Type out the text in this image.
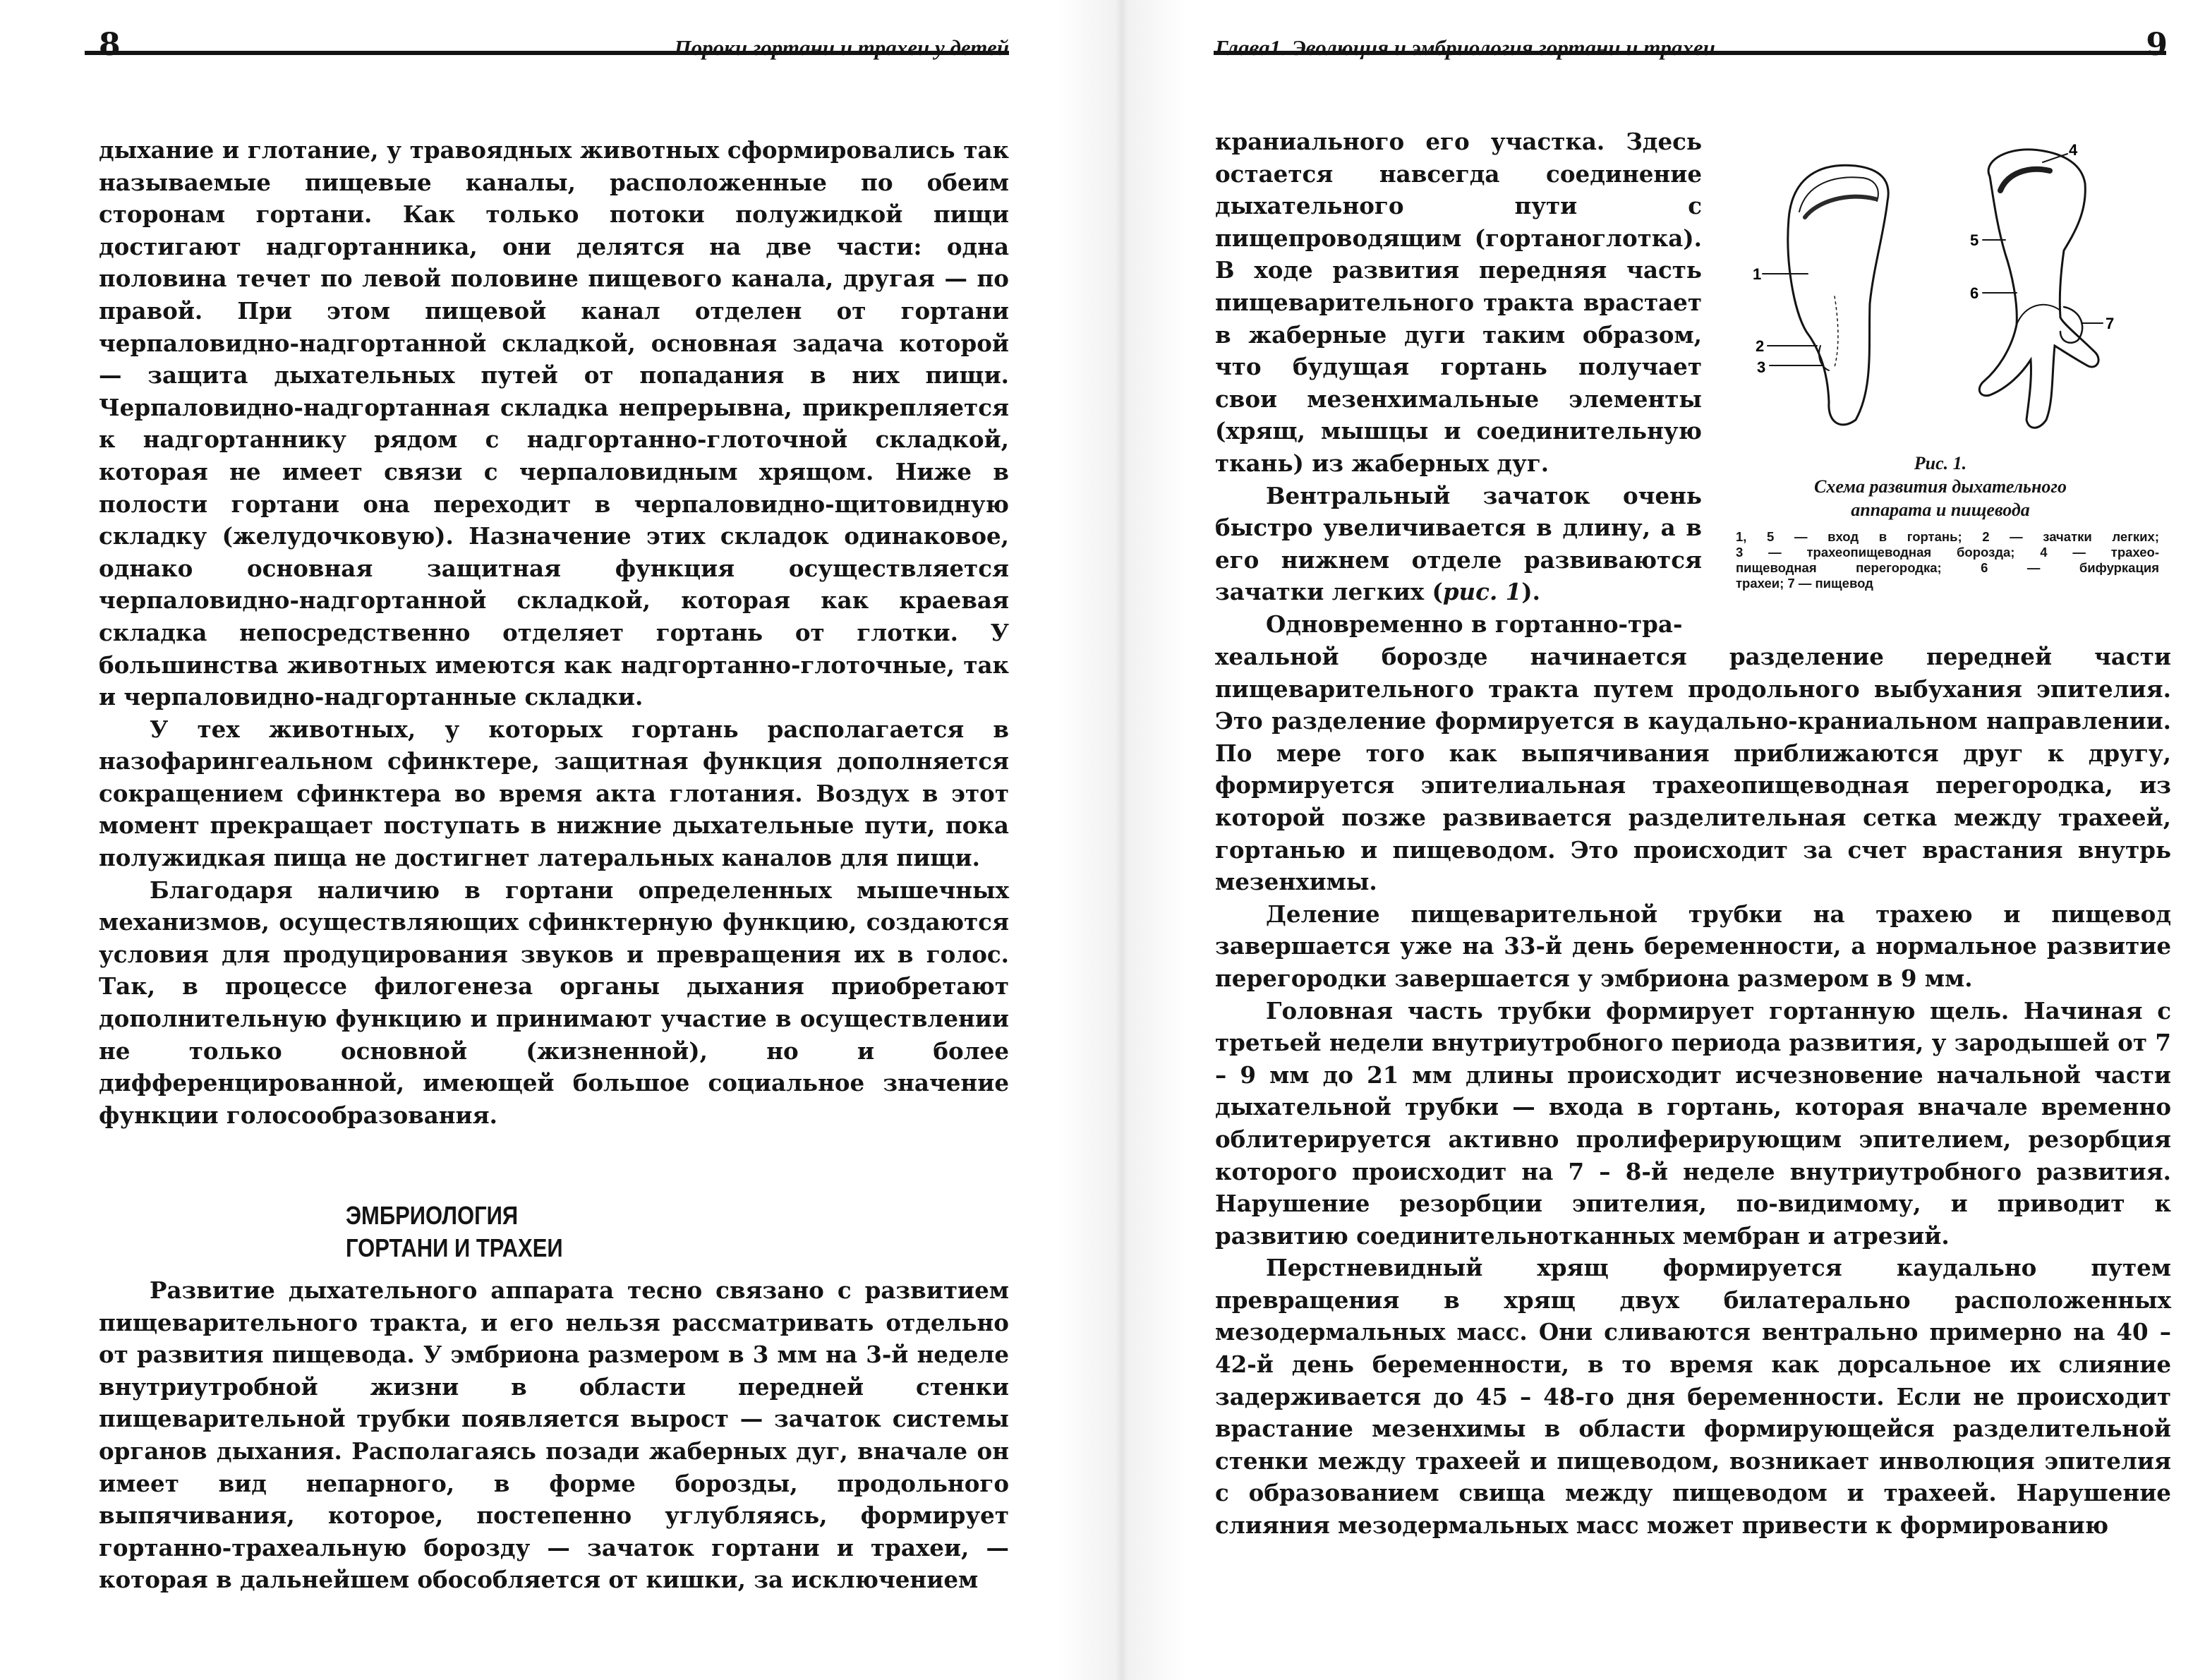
8	Пороки гортани и трахеи у детей

дыхание и глотание, у травоядных животных сформировались так называемые пищевые каналы, расположенные по обеим сторонам гортани. Как только потоки полужидкой пищи достигают надгортанника, они делятся на две части: одна половина течет по левой половине пищевого канала, другая — по правой. При этом пищевой канал отделен от гортани черпаловидно-надгортанной складкой, основная задача которой — защита дыхательных путей от попадания в них пищи. Черпаловидно-надгортанная складка непрерывна, прикрепляется к надгортаннику рядом с надгортанно-глоточной складкой, которая не имеет связи с черпаловидным хрящом. Ниже в полости гортани она переходит в черпаловидно-щитовидную складку (желудочковую). Назначение этих складок одинаковое, однако основная защитная функция осуществляется черпаловидно-надгортанной складкой, которая как краевая складка непосредственно отделяет гортань от глотки. У большинства животных имеются как надгортанно-глоточные, так и черпаловидно-надгортанные складки.

У тех животных, у которых гортань располагается в назофарингеальном сфинктере, защитная функция дополняется сокращением сфинктера во время акта глотания. Воздух в этот момент прекращает поступать в нижние дыхательные пути, пока полужидкая пища не достигнет латеральных каналов для пищи.

Благодаря наличию в гортани определенных мышечных механизмов, осуществляющих сфинктерную функцию, создаются условия для продуцирования звуков и превращения их в голос. Так, в процессе филогенеза органы дыхания приобретают дополнительную функцию и принимают участие в осуществлении не только основной (жизненной), но и более дифференцированной, имеющей большое социальное значение функции голосообразования.

ЭМБРИОЛОГИЯ
ГОРТАНИ И ТРАХЕИ

Развитие дыхательного аппарата тесно связано с развитием пищеварительного тракта, и его нельзя рассматривать отдельно от развития пищевода. У эмбриона размером в 3 мм на 3-й неделе внутриутробной жизни в области передней стенки пищеварительной трубки появляется вырост — зачаток системы органов дыхания. Располагаясь позади жаберных дуг, вначале он имеет вид непарного, в форме борозды, продольного выпячивания, которое, постепенно углубляясь, формирует гортанно-трахеальную борозду — зачаток гортани и трахеи, — которая в дальнейшем обособляется от кишки, за исключением

Глава1. Эволюция и эмбриология гортани и трахеи	9

краниального его участка. Здесь остается навсегда соединение дыхательного пути с пищепроводящим (гортаноглотка). В ходе развития передняя часть пищеварительного тракта врастает в жаберные дуги таким образом, что будущая гортань получает свои мезенхимальные элементы (хрящ, мышцы и соединительную ткань) из жаберных дуг.

Вентральный зачаток очень быстро увеличивается в длину, а в его нижнем отделе развиваются зачатки легких (рис. 1).

Одновременно в гортанно-тра-

1
2
3
4
5
6
7
Рис. 1.
Схема развития дыхательного
аппарата и пищевода
1, 5 — вход в гортань; 2 — зачатки легких;
3 — трахеопищеводная борозда; 4 — трахео-
пищеводная перегородка; 6 — бифуркация
трахеи; 7 — пищевод

хеальной борозде начинается разделение передней части пищеварительного тракта путем продольного выбухания эпителия. Это разделение формируется в каудально-краниальном направлении. По мере того как выпячивания приближаются друг к другу, формируется эпителиальная трахеопищеводная перегородка, из которой позже развивается разделительная сетка между трахеей, гортанью и пищеводом. Это происходит за счет врастания внутрь мезенхимы.

Деление пищеварительной трубки на трахею и пищевод завершается уже на 33-й день беременности, а нормальное развитие перегородки завершается у эмбриона размером в 9 мм.

Головная часть трубки формирует гортанную щель. Начиная с третьей недели внутриутробного периода развития, у зародышей от 7 – 9 мм до 21 мм длины происходит исчезновение начальной части дыхательной трубки — входа в гортань, которая вначале временно облитерируется активно пролиферирующим эпителием, резорбция которого происходит на 7 – 8-й неделе внутриутробного развития. Нарушение резорбции эпителия, по-видимому, и приводит к развитию соединительнотканных мембран и атрезий.

Перстневидный хрящ формируется каудально путем превращения в хрящ двух билатерально расположенных мезодермальных масс. Они сливаются вентрально примерно на 40 – 42-й день беременности, в то время как дорсальное их слияние задерживается до 45 – 48-го дня беременности. Если не происходит врастание мезенхимы в области формирующейся разделительной стенки между трахеей и пищеводом, возникает инволюция эпителия с образованием свища между пищеводом и трахеей. Нарушение слияния мезодермальных масс может привести к формированию
